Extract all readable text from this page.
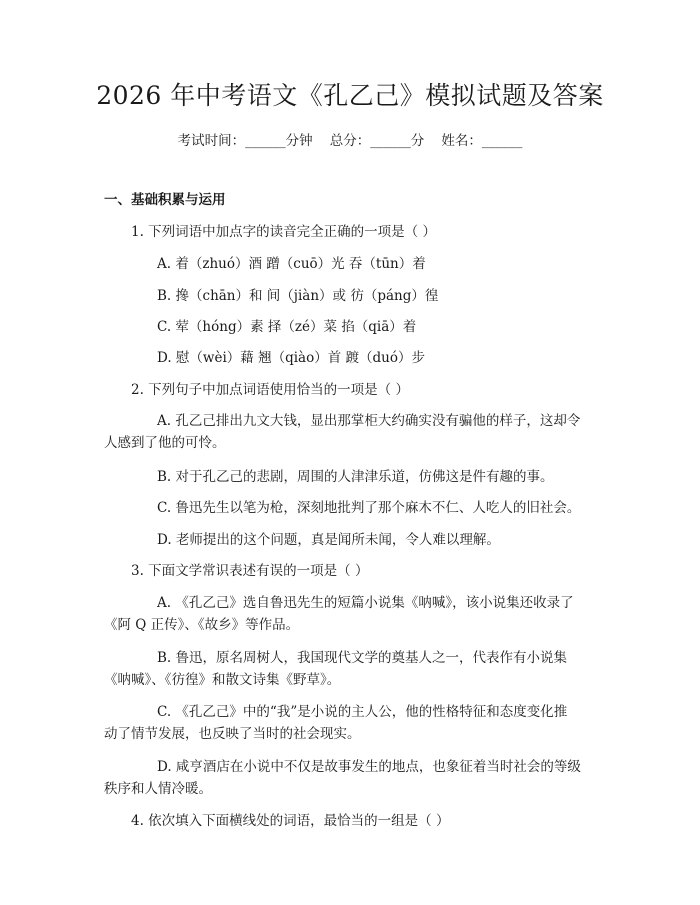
2026 年中考语文《孔乙己》模拟试题及答案
考试时间：______分钟    总分：______分    姓名：______
一、基础积累与运用
1. 下列词语中加点字的读音完全正确的一项是（ ）
A. 着（zhuó）酒 蹭（cuō）光 吞（tūn）着
B. 搀（chān）和 间（jiàn）或 彷（páng）徨
C. 荤（hóng）素 择（zé）菜 掐（qiā）着
D. 慰（wèi）藉 翘（qiào）首 踱（duó）步
2. 下列句子中加点词语使用恰当的一项是（ ）
A. 孔乙己排出九文大钱，显出那掌柜大约确实没有骗他的样子，这却令
人感到了他的可怜。
B. 对于孔乙己的悲剧，周围的人津津乐道，仿佛这是件有趣的事。
C. 鲁迅先生以笔为枪，深刻地批判了那个麻木不仁、人吃人的旧社会。
D. 老师提出的这个问题，真是闻所未闻，令人难以理解。
3. 下面文学常识表述有误的一项是（ ）
A. 《孔乙己》选自鲁迅先生的短篇小说集《呐喊》，该小说集还收录了
《阿 Q 正传》、《故乡》等作品。
B. 鲁迅，原名周树人，我国现代文学的奠基人之一，代表作有小说集
《呐喊》、《彷徨》和散文诗集《野草》。
C. 《孔乙己》中的“我”是小说的主人公，他的性格特征和态度变化推
动了情节发展，也反映了当时的社会现实。
D. 咸亨酒店在小说中不仅是故事发生的地点，也象征着当时社会的等级
秩序和人情冷暖。
4. 依次填入下面横线处的词语，最恰当的一组是（ ）
